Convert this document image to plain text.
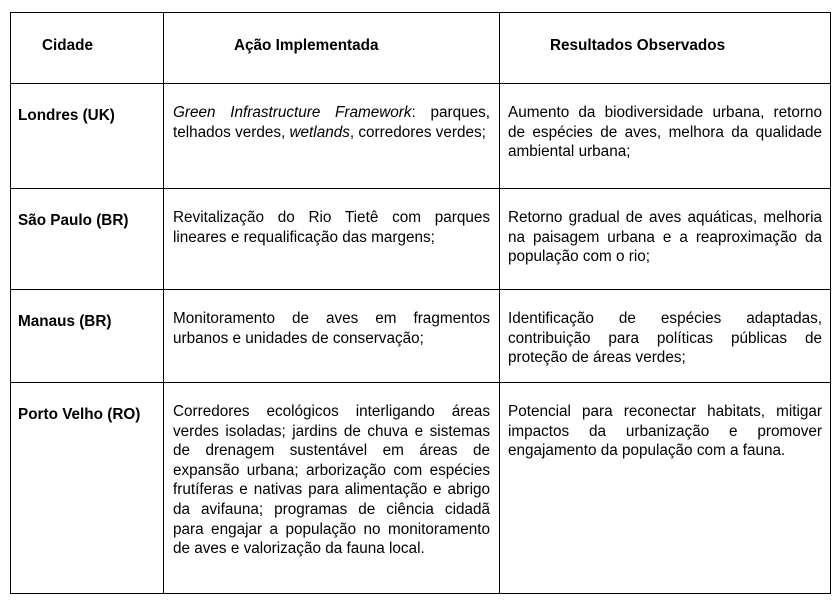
Cidade	Ação Implementada	Resultados Observados

Londres (UK)	Green Infrastructure Framework: parques, telhados verdes, wetlands, corredores verdes;	Aumento da biodiversidade urbana, retorno de espécies de aves, melhora da qualidade ambiental urbana;

São Paulo (BR)	Revitalização do Rio Tietê com parques lineares e requalificação das margens;	Retorno gradual de aves aquáticas, melhoria na paisagem urbana e a reaproximação da população com o rio;

Manaus (BR)	Monitoramento de aves em fragmentos urbanos e unidades de conservação;	Identificação de espécies adaptadas, contribuição para políticas públicas de proteção de áreas verdes;

Porto Velho (RO)	Corredores ecológicos interligando áreas verdes isoladas; jardins de chuva e sistemas de drenagem sustentável em áreas de expansão urbana; arborização com espécies frutíferas e nativas para alimentação e abrigo da avifauna; programas de ciência cidadã para engajar a população no monitoramento de aves e valorização da fauna local.	Potencial para reconectar habitats, mitigar impactos da urbanização e promover engajamento da população com a fauna.
